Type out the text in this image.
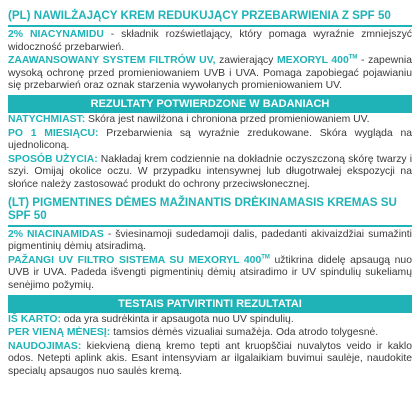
(PL) NAWILŻAJĄCY KREM REDUKUJĄCY PRZEBARWIENIA Z SPF 50
2% NIACYNAMIDU - składnik rozświetlający, który pomaga wyraźnie zmniejszyć widoczność przebarwień.
ZAAWANSOWANY SYSTEM FILTRÓW UV, zawierający MEXORYL 400™ - zapewnia wysoką ochronę przed promieniowaniem UVB i UVA. Pomaga zapobiegać pojawianiu się przebarwień oraz oznak starzenia wywołanych promieniowaniem UV.
REZULTATY POTWIERDZONE W BADANIACH
NATYCHMIAST: Skóra jest nawilżona i chroniona przed promieniowaniem UV.
PO 1 MIESIĄCU: Przebarwienia są wyraźnie zredukowane. Skóra wygląda na ujednoliconą.
SPOSÓB UŻYCIA: Nakładaj krem codziennie na dokładnie oczyszczoną skórę twarzy i szyi. Omijaj okolice oczu. W przypadku intensywnej lub długotrwałej ekspozycji na słońce należy zastosować produkt do ochrony przeciwsłonecznej.
(LT) PIGMENTINES DĖMES MAŽINANTIS DRĖKINAMASIS KREMAS SU SPF 50
2% NIACINAMIDAS - šviesinamoji sudedamoji dalis, padedanti akivaizdžiai sumažinti pigmentinių dėmių atsiradimą.
PAŽANGI UV FILTRO SISTEMA SU MEXORYL 400™ užtikrina didelę apsaugą nuo UVB ir UVA. Padeda išvengti pigmentinių dėmių atsiradimo ir UV spindulių sukeliamų senėjimo požymių.
TESTAIS PATVIRTINTI REZULTATAI
IŠ KARTO: oda yra sudrėkinta ir apsaugota nuo UV spindulių.
PER VIENĄ MĖNESĮ: tamsios dėmės vizualiai sumažėja. Oda atrodo tolygesnė.
NAUDOJIMAS: kiekvieną dieną kremo tepti ant kruopščiai nuvalytos veido ir kaklo odos. Netepti aplink akis. Esant intensyviam ar ilgalaikiam buvimui saulėje, naudokite specialų apsaugos nuo saulės kremą.
